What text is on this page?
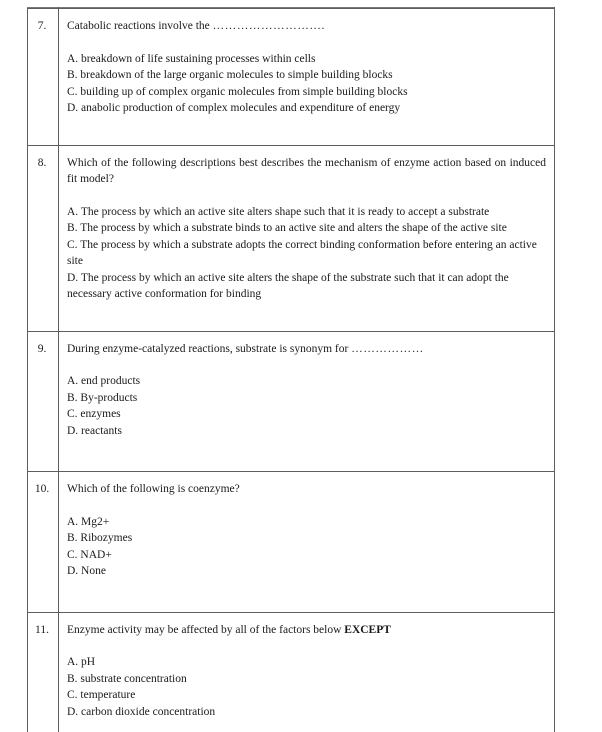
7.	Catabolic reactions involve the ……………………….

A. breakdown of life sustaining processes within cells
B. breakdown of the large organic molecules to simple building blocks
C. building up of complex organic molecules from simple building blocks
D. anabolic production of complex molecules and expenditure of energy

8.	Which of the following descriptions best describes the mechanism of enzyme action based on induced fit model?

A. The process by which an active site alters shape such that it is ready to accept a substrate
B. The process by which a substrate binds to an active site and alters the shape of the active site
C. The process by which a substrate adopts the correct binding conformation before entering an active site
D. The process by which an active site alters the shape of the substrate such that it can adopt the necessary active conformation for binding

9.	During enzyme-catalyzed reactions, substrate is synonym for ………………

A. end products
B. By-products
C. enzymes
D. reactants

10.	Which of the following is coenzyme?

A. Mg2+
B. Ribozymes
C. NAD+
D. None

11.	Enzyme activity may be affected by all of the factors below EXCEPT

A. pH
B. substrate concentration
C. temperature
D. carbon dioxide concentration
